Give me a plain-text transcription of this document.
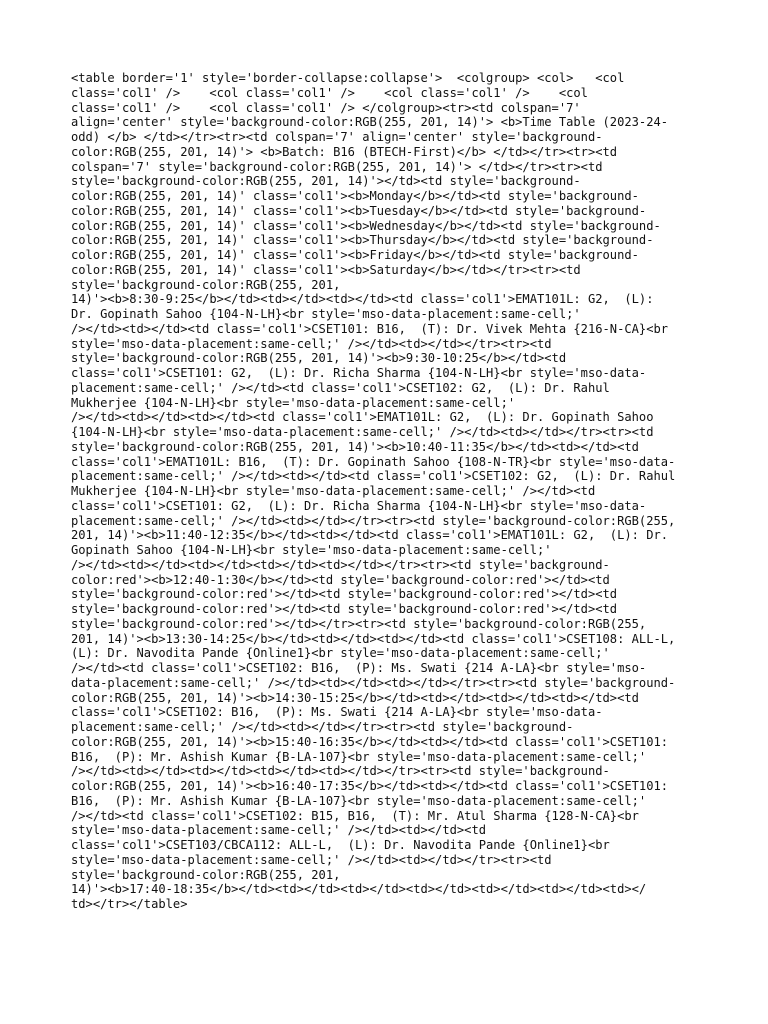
<table border='1' style='border-collapse:collapse'>  <colgroup> <col>   <col
class='col1' />    <col class='col1' />    <col class='col1' />    <col
class='col1' />    <col class='col1' /> </colgroup><tr><td colspan='7'
align='center' style='background-color:RGB(255, 201, 14)'> <b>Time Table (2023-24-
odd) </b> </td></tr><tr><td colspan='7' align='center' style='background-
color:RGB(255, 201, 14)'> <b>Batch: B16 (BTECH-First)</b> </td></tr><tr><td
colspan='7' style='background-color:RGB(255, 201, 14)'> </td></tr><tr><td
style='background-color:RGB(255, 201, 14)'></td><td style='background-
color:RGB(255, 201, 14)' class='col1'><b>Monday</b></td><td style='background-
color:RGB(255, 201, 14)' class='col1'><b>Tuesday</b></td><td style='background-
color:RGB(255, 201, 14)' class='col1'><b>Wednesday</b></td><td style='background-
color:RGB(255, 201, 14)' class='col1'><b>Thursday</b></td><td style='background-
color:RGB(255, 201, 14)' class='col1'><b>Friday</b></td><td style='background-
color:RGB(255, 201, 14)' class='col1'><b>Saturday</b></td></tr><tr><td
style='background-color:RGB(255, 201,
14)'><b>8:30-9:25</b></td><td></td><td></td><td class='col1'>EMAT101L: G2,  (L):
Dr. Gopinath Sahoo {104-N-LH}<br style='mso-data-placement:same-cell;'
/></td><td></td><td class='col1'>CSET101: B16,  (T): Dr. Vivek Mehta {216-N-CA}<br
style='mso-data-placement:same-cell;' /></td><td></td></tr><tr><td
style='background-color:RGB(255, 201, 14)'><b>9:30-10:25</b></td><td
class='col1'>CSET101: G2,  (L): Dr. Richa Sharma {104-N-LH}<br style='mso-data-
placement:same-cell;' /></td><td class='col1'>CSET102: G2,  (L): Dr. Rahul
Mukherjee {104-N-LH}<br style='mso-data-placement:same-cell;'
/></td><td></td><td></td><td class='col1'>EMAT101L: G2,  (L): Dr. Gopinath Sahoo
{104-N-LH}<br style='mso-data-placement:same-cell;' /></td><td></td></tr><tr><td
style='background-color:RGB(255, 201, 14)'><b>10:40-11:35</b></td><td></td><td
class='col1'>EMAT101L: B16,  (T): Dr. Gopinath Sahoo {108-N-TR}<br style='mso-data-
placement:same-cell;' /></td><td></td><td class='col1'>CSET102: G2,  (L): Dr. Rahul
Mukherjee {104-N-LH}<br style='mso-data-placement:same-cell;' /></td><td
class='col1'>CSET101: G2,  (L): Dr. Richa Sharma {104-N-LH}<br style='mso-data-
placement:same-cell;' /></td><td></td></tr><tr><td style='background-color:RGB(255,
201, 14)'><b>11:40-12:35</b></td><td></td><td class='col1'>EMAT101L: G2,  (L): Dr.
Gopinath Sahoo {104-N-LH}<br style='mso-data-placement:same-cell;'
/></td><td></td><td></td><td></td><td></td></tr><tr><td style='background-
color:red'><b>12:40-1:30</b></td><td style='background-color:red'></td><td
style='background-color:red'></td><td style='background-color:red'></td><td
style='background-color:red'></td><td style='background-color:red'></td><td
style='background-color:red'></td></tr><tr><td style='background-color:RGB(255,
201, 14)'><b>13:30-14:25</b></td><td></td><td></td><td class='col1'>CSET108: ALL-L,
(L): Dr. Navodita Pande {Online1}<br style='mso-data-placement:same-cell;'
/></td><td class='col1'>CSET102: B16,  (P): Ms. Swati {214 A-LA}<br style='mso-
data-placement:same-cell;' /></td><td></td><td></td></tr><tr><td style='background-
color:RGB(255, 201, 14)'><b>14:30-15:25</b></td><td></td><td></td><td></td><td
class='col1'>CSET102: B16,  (P): Ms. Swati {214 A-LA}<br style='mso-data-
placement:same-cell;' /></td><td></td></tr><tr><td style='background-
color:RGB(255, 201, 14)'><b>15:40-16:35</b></td><td></td><td class='col1'>CSET101:
B16,  (P): Mr. Ashish Kumar {B-LA-107}<br style='mso-data-placement:same-cell;'
/></td><td></td><td></td><td></td><td></td></tr><tr><td style='background-
color:RGB(255, 201, 14)'><b>16:40-17:35</b></td><td></td><td class='col1'>CSET101:
B16,  (P): Mr. Ashish Kumar {B-LA-107}<br style='mso-data-placement:same-cell;'
/></td><td class='col1'>CSET102: B15, B16,  (T): Mr. Atul Sharma {128-N-CA}<br
style='mso-data-placement:same-cell;' /></td><td></td><td
class='col1'>CSET103/CBCA112: ALL-L,  (L): Dr. Navodita Pande {Online1}<br
style='mso-data-placement:same-cell;' /></td><td></td></tr><tr><td
style='background-color:RGB(255, 201,
14)'><b>17:40-18:35</b></td><td></td><td></td><td></td><td></td><td></td><td></
td></tr></table>
